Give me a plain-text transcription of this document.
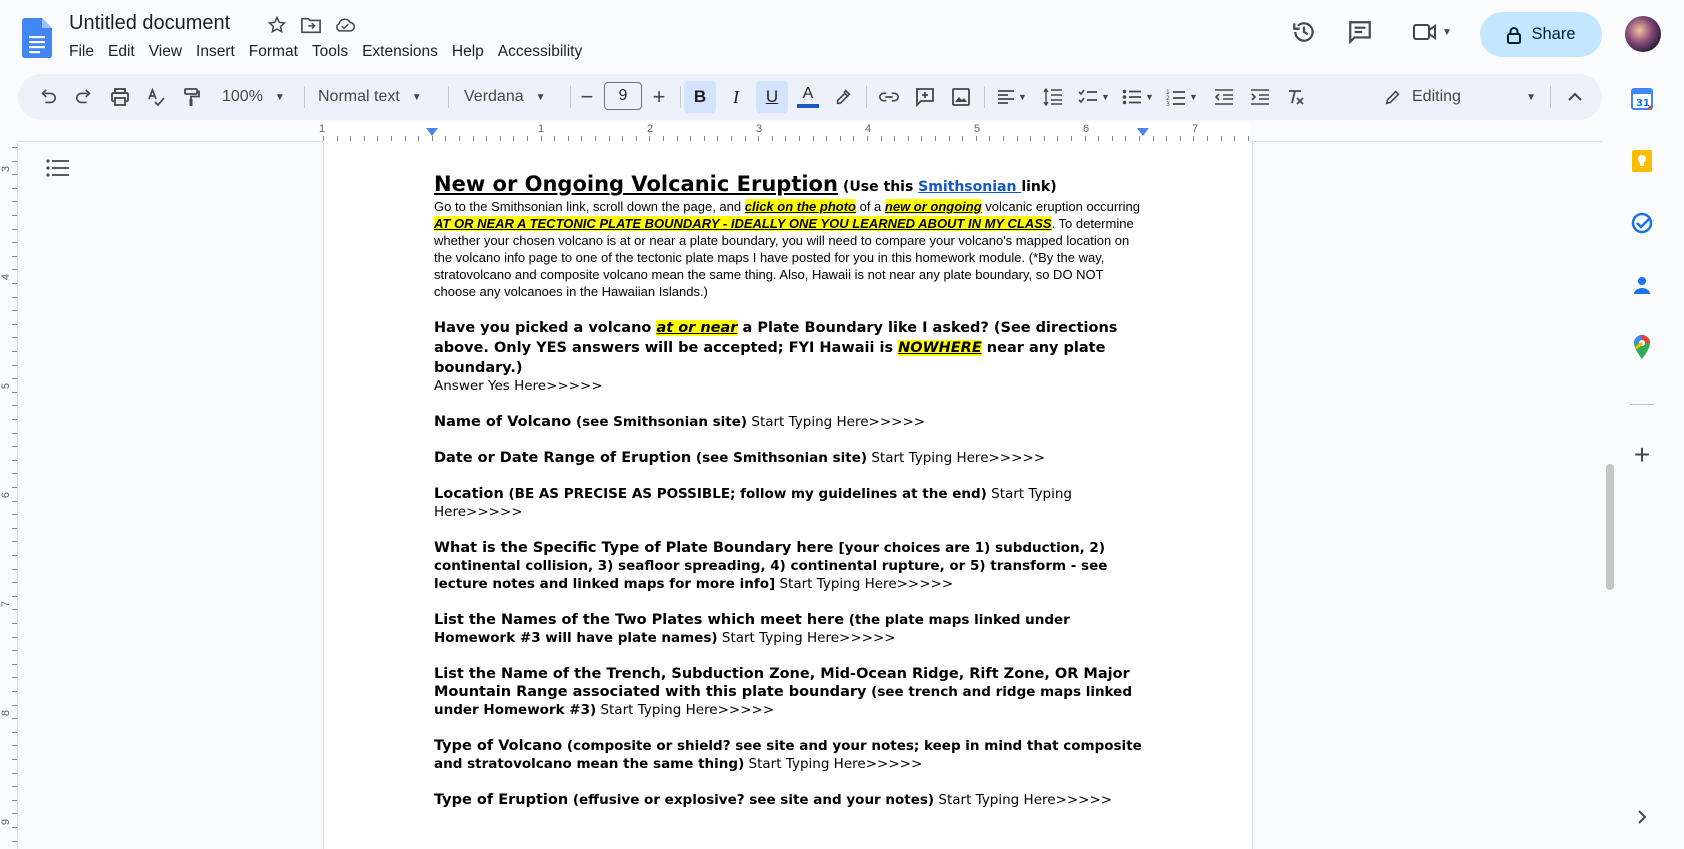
Untitled document
File Edit View Insert Format Tools Extensions Help Accessibility
▼	Share
100% ▼ Normal text ▼	Verdana ▼ −	9	+	B	I	U	A	▼	▼	▼ 1
2
3
▼	Editing	▼
31
+
1	1	2	3	4	5	6	7
3
4
5
6
7
8
9
New or Ongoing Volcanic Eruption (Use this Smithsonian link)
Go to the Smithsonian link, scroll down the page, and click on the photo of a new or ongoing volcanic eruption occurring AT OR NEAR A TECTONIC PLATE BOUNDARY - IDEALLY ONE YOU LEARNED ABOUT IN MY CLASS. To determine whether your chosen volcano is at or near a plate boundary, you will need to compare your volcano's mapped location on the volcano info page to one of the tectonic plate maps I have posted for you in this homework module. (*By the way, stratovolcano and composite volcano mean the same thing. Also, Hawaii is not near any plate boundary, so DO NOT choose any volcanoes in the Hawaiian Islands.)
Have you picked a volcano at or near a Plate Boundary like I asked? (See directions above. Only YES answers will be accepted; FYI Hawaii is NOWHERE near any plate boundary.)
Answer Yes Here>>>>>
Name of Volcano (see Smithsonian site) Start Typing Here>>>>>
Date or Date Range of Eruption (see Smithsonian site) Start Typing Here>>>>>
Location (BE AS PRECISE AS POSSIBLE; follow my guidelines at the end) Start Typing Here>>>>>
What is the Specific Type of Plate Boundary here [your choices are 1) subduction, 2) continental collision, 3) seafloor spreading, 4) continental rupture, or 5) transform - see lecture notes and linked maps for more info] Start Typing Here>>>>>
List the Names of the Two Plates which meet here (the plate maps linked under Homework #3 will have plate names) Start Typing Here>>>>>
List the Name of the Trench, Subduction Zone, Mid-Ocean Ridge, Rift Zone, OR Major Mountain Range associated with this plate boundary (see trench and ridge maps linked under Homework #3) Start Typing Here>>>>>
Type of Volcano (composite or shield? see site and your notes; keep in mind that composite and stratovolcano mean the same thing) Start Typing Here>>>>>
Type of Eruption (effusive or explosive? see site and your notes) Start Typing Here>>>>>
